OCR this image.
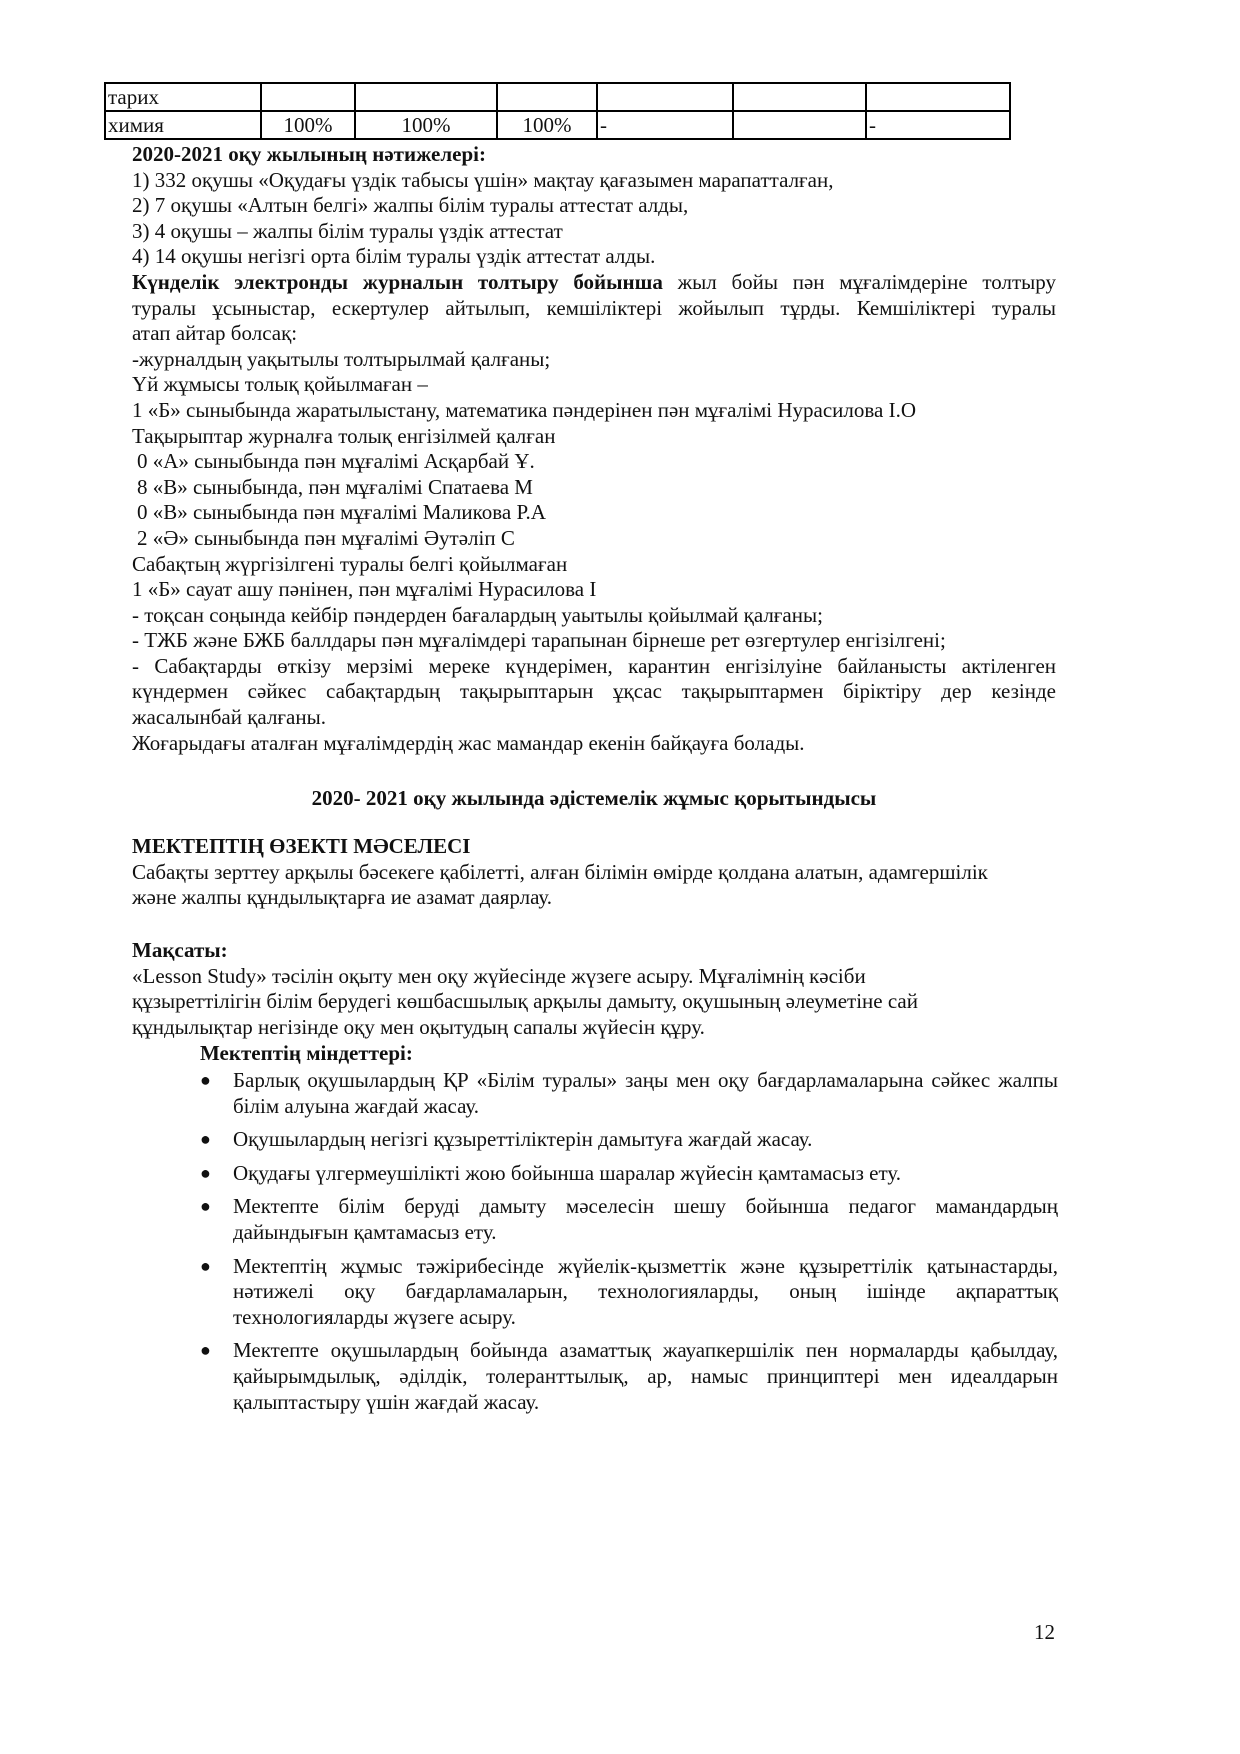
тарих						
химия	100%	100%	100%	-		-
2020-2021 оқу жылының нәтижелері:
1) 332 оқушы «Оқудағы үздік табысы үшін» мақтау қағазымен марапатталған,
2) 7 оқушы «Алтын белгі» жалпы білім туралы аттестат алды,
3) 4 оқушы – жалпы білім туралы үздік аттестат
4) 14 оқушы негізгі орта білім туралы үздік аттестат алды.
Күнделік электронды журналын толтыру бойынша жыл бойы пән мұғалімдеріне толтыру
туралы ұсыныстар, ескертулер айтылып, кемшіліктері жойылып тұрды. Кемшіліктері туралы
атап айтар болсақ:
-журналдың уақытылы толтырылмай қалғаны;
Үй жұмысы толық қойылмаған –
1 «Б» сыныбында жаратылыстану, математика пәндерінен пән мұғалімі Нурасилова І.О
Тақырыптар журналға толық енгізілмей қалған
0 «А» сыныбында пән мұғалімі Асқарбай Ұ.
8 «В» сыныбында, пән мұғалімі Спатаева М
0 «В» сыныбында пән мұғалімі Маликова Р.А
2 «Ә» сыныбында пән мұғалімі Әутәліп С
Сабақтың жүргізілгені туралы белгі қойылмаған
1 «Б» сауат ашу пәнінен, пән мұғалімі Нурасилова І
- тоқсан соңында кейбір пәндерден бағалардың уаытылы қойылмай қалғаны;
- ТЖБ және БЖБ баллдары пән мұғалімдері тарапынан бірнеше рет өзгертулер енгізілгені;
- Сабақтарды өткізу мерзімі мереке күндерімен, карантин енгізілуіне байланысты актіленген
күндермен сәйкес сабақтардың тақырыптарын ұқсас тақырыптармен біріктіру дер кезінде
жасалынбай қалғаны.
Жоғарыдағы аталған мұғалімдердің жас мамандар екенін байқауға болады.
2020- 2021 оқу жылында әдістемелік жұмыс қорытындысы
МЕКТЕПТІҢ ӨЗЕКТІ МӘСЕЛЕСІ
Сабақты зерттеу арқылы бәсекеге қабілетті, алған білімін өмірде қолдана алатын, адамгершілік
және жалпы құндылықтарға ие азамат даярлау.
Мақсаты:
«Lesson Study» тәсілін оқыту мен оқу жүйесінде жүзеге асыру. Мұғалімнің кәсіби
құзыреттілігін білім берудегі көшбасшылық арқылы дамыту, оқушының әлеуметіне сай
құндылықтар негізінде оқу мен оқытудың сапалы жүйесін құру.
Мектептің міндеттері:
● Барлық оқушылардың ҚР «Білім туралы» заңы мен оқу бағдарламаларына сәйкес жалпы білім алуына жағдай жасау.
● Оқушылардың негізгі құзыреттіліктерін дамытуға жағдай жасау.
● Оқудағы үлгермеушілікті жою бойынша шаралар жүйесін қамтамасыз ету.
● Мектепте білім беруді дамыту мәселесін шешу бойынша педагог мамандардың дайындығын қамтамасыз ету.
● Мектептің жұмыс тәжірибесінде жүйелік-қызметтік және құзыреттілік қатынастарды, нәтижелі оқу бағдарламаларын, технологияларды, оның ішінде ақпараттық технологияларды жүзеге асыру.
● Мектепте оқушылардың бойында азаматтық жауапкершілік пен нормаларды қабылдау, қайырымдылық, әділдік, толеранттылық, ар, намыс принциптері мен идеалдарын қалыптастыру үшін жағдай жасау.
12
